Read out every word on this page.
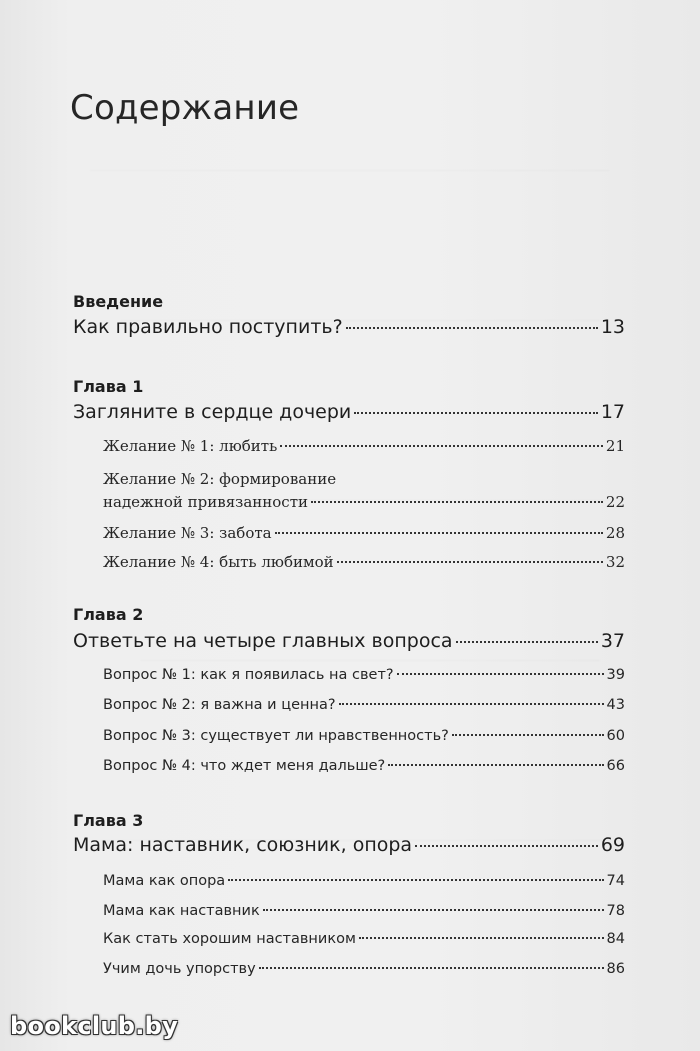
Содержание
Введение
Как правильно поступить?	13
Глава 1
Загляните в сердце дочери	17
Желание № 1: любить	21
Желание № 2: формирование
надежной привязанности	22
Желание № 3: забота	28
Желание № 4: быть любимой	32
Глава 2
Ответьте на четыре главных вопроса	37
Вопрос № 1: как я появилась на свет?	39
Вопрос № 2: я важна и ценна?	43
Вопрос № 3: существует ли нравственность?	60
Вопрос № 4: что ждет меня дальше?	66
Глава 3
Мама: наставник, союзник, опора	69
Мама как опора	74
Мама как наставник	78
Как стать хорошим наставником	84
Учим дочь упорству	86
bookclub.by
